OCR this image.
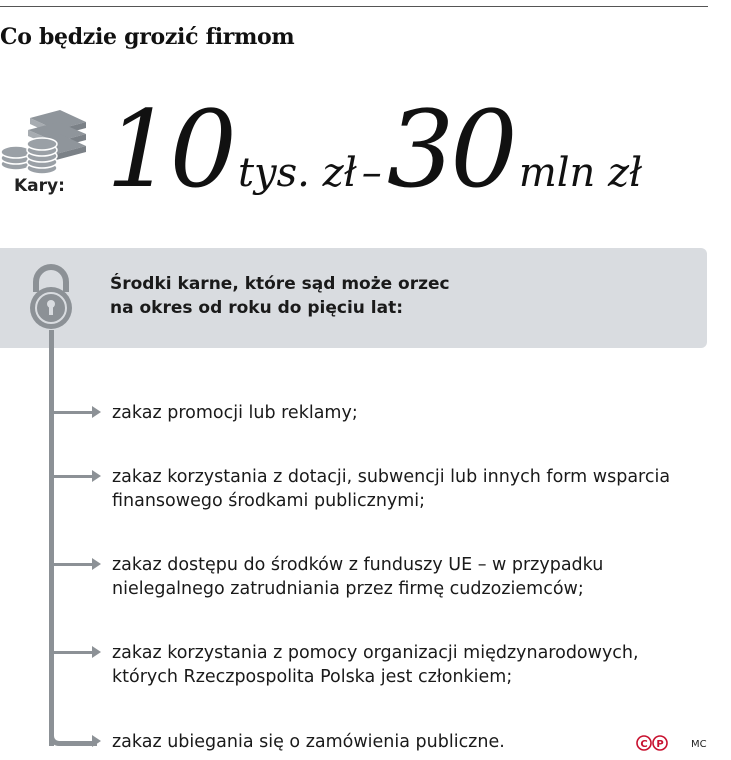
Co będzie grozić firmom
Kary: 10 tys. zł – 30 mln zł
Środki karne, które sąd może orzec
na okres od roku do pięciu lat:
zakaz promocji lub reklamy;
zakaz korzystania z dotacji, subwencji lub innych form wsparcia
finansowego środkami publicznymi;
zakaz dostępu do środków z funduszy UE – w przypadku
nielegalnego zatrudniania przez firmę cudzoziemców;
zakaz korzystania z pomocy organizacji międzynarodowych,
których Rzeczpospolita Polska jest członkiem;
zakaz ubiegania się o zamówienia publiczne.	C P	MC
